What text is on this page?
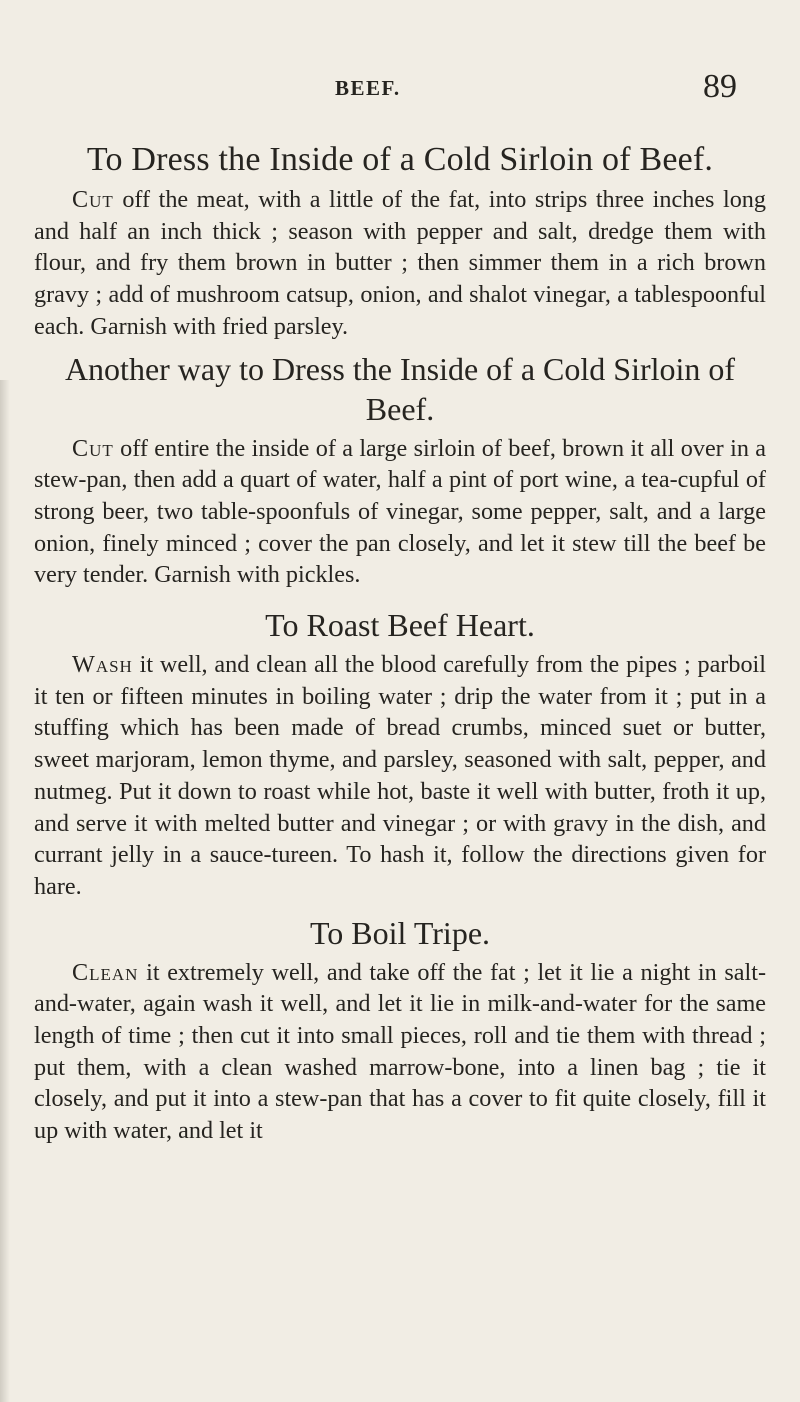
BEEF.	89
To Dress the Inside of a Cold Sirloin of Beef.

Cut off the meat, with a little of the fat, into strips three inches long and half an inch thick ; season with pepper and salt, dredge them with flour, and fry them brown in butter ; then simmer them in a rich brown gravy ; add of mushroom catsup, onion, and shalot vinegar, a tablespoonful each. Garnish with fried parsley.

Another way to Dress the Inside of a Cold Sirloin of Beef.

Cut off entire the inside of a large sirloin of beef, brown it all over in a stew-pan, then add a quart of water, half a pint of port wine, a tea-cupful of strong beer, two table-spoonfuls of vinegar, some pepper, salt, and a large onion, finely minced ; cover the pan closely, and let it stew till the beef be very tender. Garnish with pickles.

To Roast Beef Heart.

Wash it well, and clean all the blood carefully from the pipes ; parboil it ten or fifteen minutes in boiling water ; drip the water from it ; put in a stuffing which has been made of bread crumbs, minced suet or butter, sweet marjoram, lemon thyme, and parsley, seasoned with salt, pepper, and nutmeg. Put it down to roast while hot, baste it well with butter, froth it up, and serve it with melted butter and vinegar ; or with gravy in the dish, and currant jelly in a sauce-tureen. To hash it, follow the directions given for hare.

To Boil Tripe.

Clean it extremely well, and take off the fat ; let it lie a night in salt-and-water, again wash it well, and let it lie in milk-and-water for the same length of time ; then cut it into small pieces, roll and tie them with thread ; put them, with a clean washed marrow-bone, into a linen bag ; tie it closely, and put it into a stew-pan that has a cover to fit quite closely, fill it up with water, and let it
